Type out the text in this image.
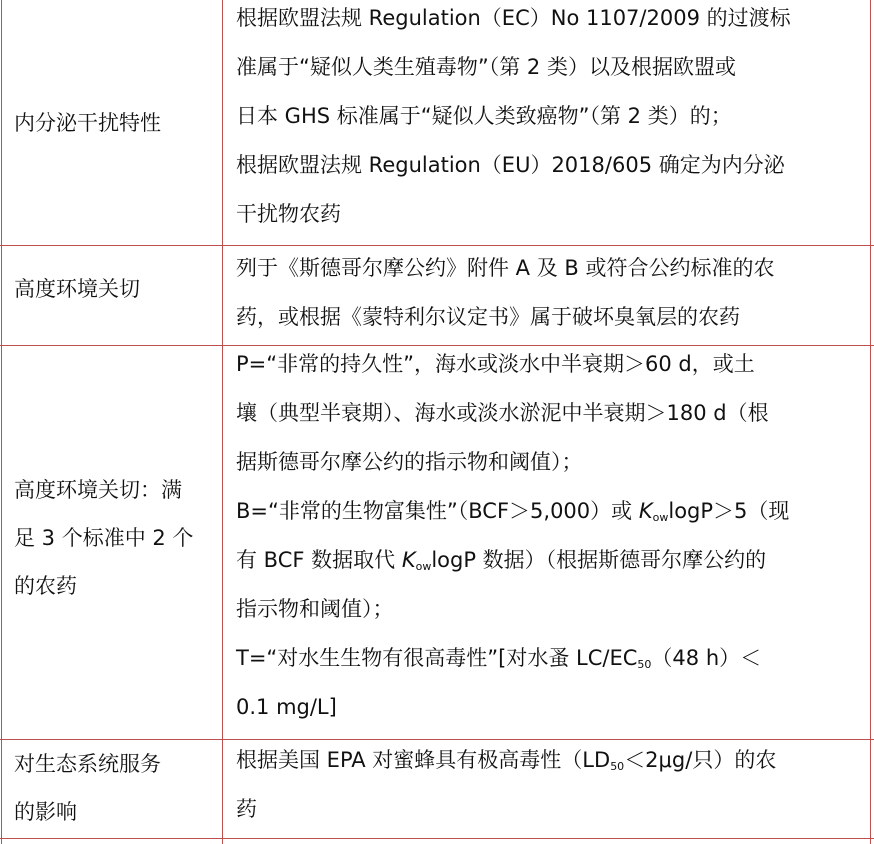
内分泌干扰特性
根据欧盟法规 Regulation（EC）No 1107/2009 的过渡标
准属于“疑似人类生殖毒物”（第 2 类）以及根据欧盟或
日本 GHS 标准属于“疑似人类致癌物”（第 2 类）的；
根据欧盟法规 Regulation（EU）2018/605 确定为内分泌
干扰物农药
高度环境关切
列于《斯德哥尔摩公约》附件 A 及 B 或符合公约标准的农
药，或根据《蒙特利尔议定书》属于破坏臭氧层的农药
高度环境关切：满
足 3 个标准中 2 个
的农药
P=“非常的持久性”，海水或淡水中半衰期＞60 d，或土
壤（典型半衰期）、海水或淡水淤泥中半衰期＞180 d（根
据斯德哥尔摩公约的指示物和阈值）；
B=“非常的生物富集性”（BCF＞5,000）或 $K_{ow}\log P>5$（现
有 BCF 数据取代 $K_{ow}\log P$ 数据）（根据斯德哥尔摩公约的
指示物和阈值）；
T=“对水生生物有很高毒性”[对水蚤 $LC/EC_{50}(48$ h）＜
0.1 mg/L]
对生态系统服务
的影响
根据美国 EPA 对蜜蜂具有极高毒性（$LD_{50}<2\mu g/$只）的农
药
